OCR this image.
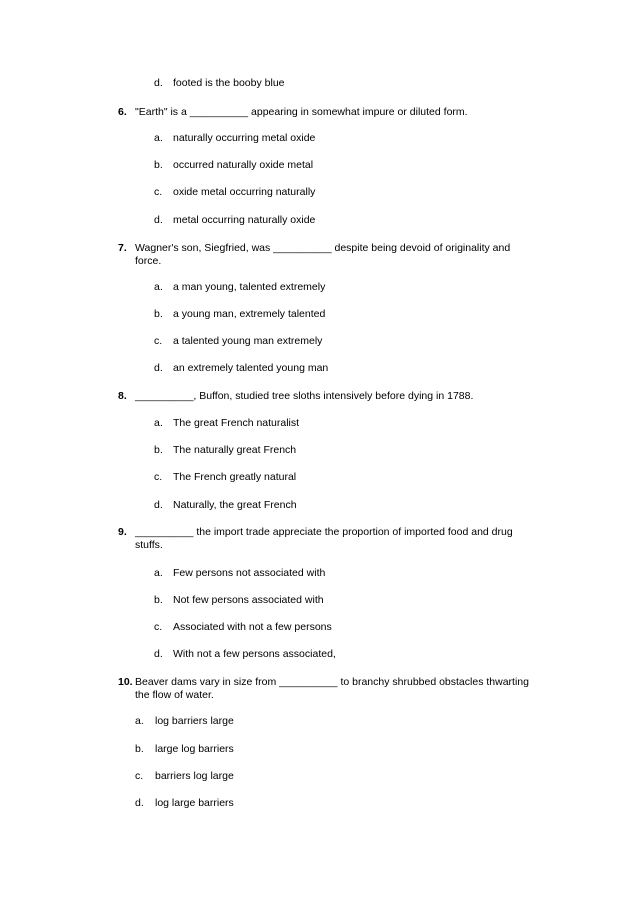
d. footed is the booby blue
6. "Earth" is a __________ appearing in somewhat impure or diluted form.
a. naturally occurring metal oxide
b. occurred naturally oxide metal
c. oxide metal occurring naturally
d. metal occurring naturally oxide
7. Wagner's son, Siegfried, was __________ despite being devoid of originality and
force.
a. a man young, talented extremely
b. a young man, extremely talented
c. a talented young man extremely
d. an extremely talented young man
8. __________, Buffon, studied tree sloths intensively before dying in 1788.
a. The great French naturalist
b. The naturally great French
c. The French greatly natural
d. Naturally, the great French
9. __________ the import trade appreciate the proportion of imported food and drug
stuffs.
a. Few persons not associated with
b. Not few persons associated with
c. Associated with not a few persons
d. With not a few persons associated,
10. Beaver dams vary in size from __________ to branchy shrubbed obstacles thwarting
the flow of water.
a. log barriers large
b. large log barriers
c. barriers log large
d. log large barriers
